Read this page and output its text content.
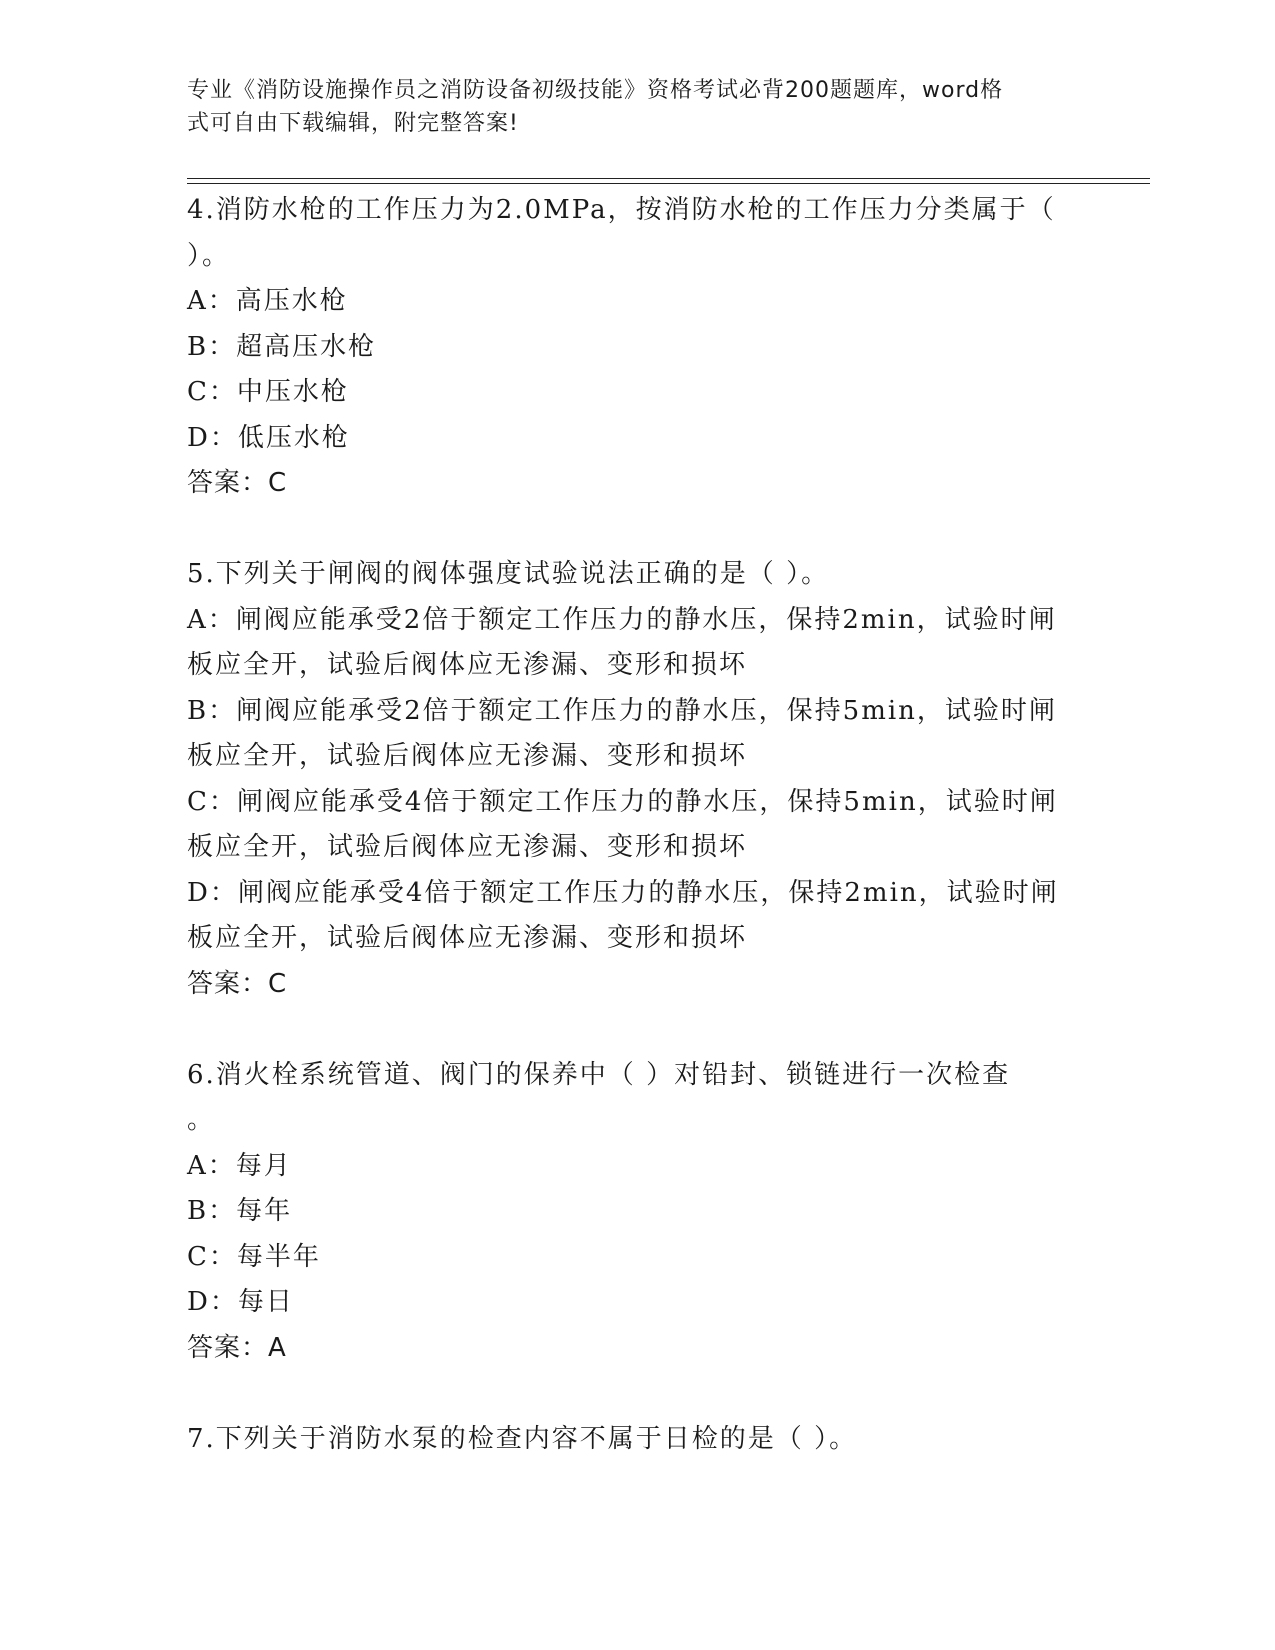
专业《消防设施操作员之消防设备初级技能》资格考试必背200题题库，word格
式可自由下载编辑，附完整答案!
4.消防水枪的工作压力为2.0MPa，按消防水枪的工作压力分类属于（
）。
A：高压水枪
B：超高压水枪
C：中压水枪
D：低压水枪
答案：C
5.下列关于闸阀的阀体强度试验说法正确的是（ ）。
A：闸阀应能承受2倍于额定工作压力的静水压，保持2min，试验时闸
板应全开，试验后阀体应无渗漏、变形和损坏
B：闸阀应能承受2倍于额定工作压力的静水压，保持5min，试验时闸
板应全开，试验后阀体应无渗漏、变形和损坏
C：闸阀应能承受4倍于额定工作压力的静水压，保持5min，试验时闸
板应全开，试验后阀体应无渗漏、变形和损坏
D：闸阀应能承受4倍于额定工作压力的静水压，保持2min，试验时闸
板应全开，试验后阀体应无渗漏、变形和损坏
答案：C
6.消火栓系统管道、阀门的保养中（ ）对铅封、锁链进行一次检查
。
A：每月
B：每年
C：每半年
D：每日
答案：A
7.下列关于消防水泵的检查内容不属于日检的是（ ）。
